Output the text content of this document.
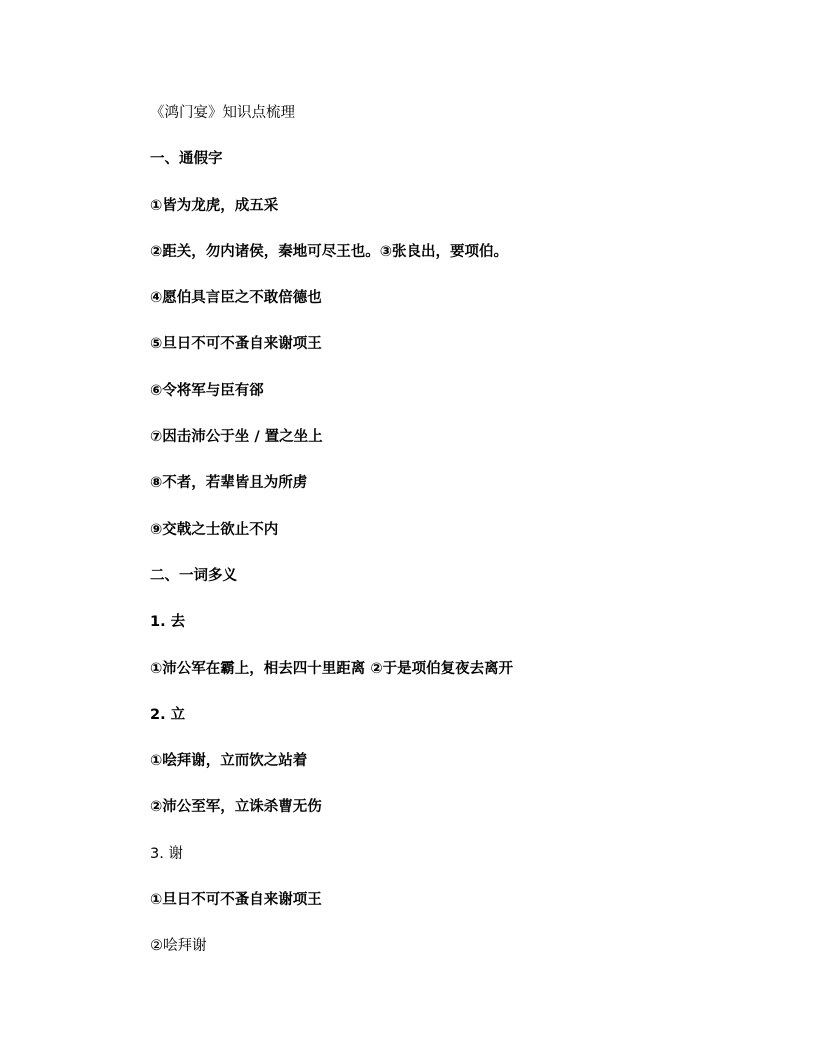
《鸿门宴》知识点梳理
一、通假字
①皆为龙虎，成五采
②距关，勿内诸侯，秦地可尽王也。③张良出，要项伯。
④愿伯具言臣之不敢倍德也
⑤旦日不可不蚤自来谢项王
⑥令将军与臣有郤
⑦因击沛公于坐 / 置之坐上
⑧不者，若辈皆且为所虏
⑨交戟之士欲止不内
二、一词多义
1. 去
①沛公军在霸上，相去四十里距离 ②于是项伯复夜去离开
2. 立
①哙拜谢，立而饮之站着
②沛公至军，立诛杀曹无伤
3. 谢
①旦日不可不蚤自来谢项王
②哙拜谢
